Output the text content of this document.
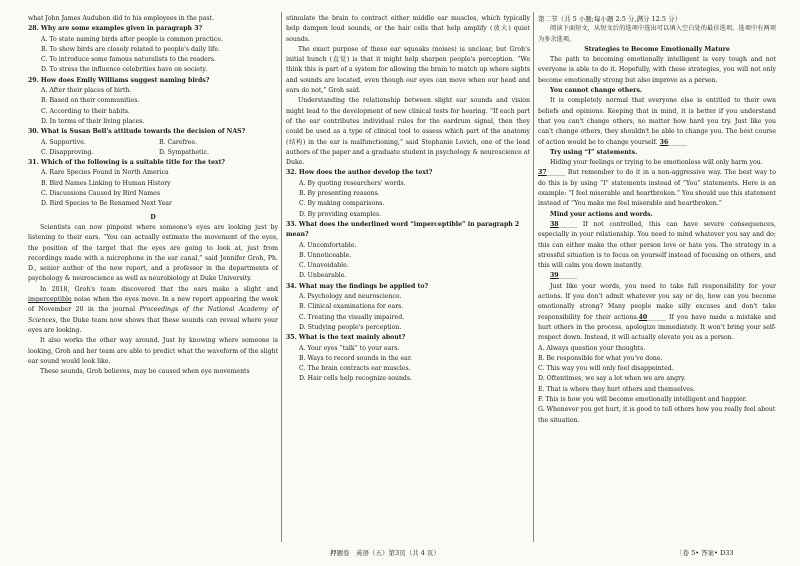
what John James Audubon did to his employees in the past.

28. Why are some examples given in paragraph 3?

A. To state naming birds after people is common practice.

B. To show birds are closely related to people's daily life.

C. To introduce some famous naturalists to the readers.

D. To stress the influence celebrities have on society.

29. How does Emily Williams suggest naming birds?

A. After their places of birth.

B. Based on their communities.

C. According to their habits.

D. In terms of their living places.

30. What is Susan Bell's attitude towards the decision of NAS?

A. Supportive.	B. Carefree.
C. Disapproving.	D. Sympathetic.

31. Which of the following is a suitable title for the text?

A. Rare Species Found in North America

B. Bird Names Linking to Human History

C. Discussions Caused by Bird Names

D. Bird Species to Be Renamed Next Year

D

Scientists can now pinpoint where someone's eyes are looking just by listening to their ears. “You can actually estimate the movement of the eyes, the position of the target that the eyes are going to look at, just from recordings made with a microphone in the ear canal,” said Jennifer Groh, Ph. D., senior author of the new report, and a professor in the departments of psychology & neuroscience as well as neurobiology at Duke University.

In 2018, Groh's team discovered that the ears make a slight and imperceptible noise when the eyes move. In a new report appearing the week of November 20 in the journal Proceedings of the National Academy of Sciences, the Duke team now shows that these sounds can reveal where your eyes are looking.

It also works the other way around. Just by knowing where someone is looking, Groh and her team are able to predict what the waveform of the slight ear sound would look like.

These sounds, Groh believes, may be caused when eye movements

stimulate the brain to contract either middle ear muscles, which typically help dampen loud sounds, or the hair cells that help amplify (放大) quiet sounds.

The exact purpose of these ear squeaks (noises) is unclear, but Groh's initial hunch (直觉) is that it might help sharpen people's perception. “We think this is part of a system for allowing the brain to match up where sights and sounds are located, even though our eyes can move when our head and ears do not,” Groh said.

Understanding the relationship between slight ear sounds and vision might lead to the development of new clinical tests for hearing. “If each part of the ear contributes individual rules for the eardrum signal, then they could be used as a type of clinical tool to assess which part of the anatomy (结构) in the ear is malfunctioning,” said Stephanie Lovich, one of the lead authors of the paper and a graduate student in psychology & neuroscience at Duke.

32. How does the author develop the text?

A. By quoting researchers' words.

B. By presenting reasons.

C. By making comparisons.

D. By providing examples.

33. What does the underlined word “imperceptible” in paragraph 2 mean?

A. Uncomfortable.

B. Unnoticeable.

C. Unavoidable.

D. Unbearable.

34. What may the findings be applied to?

A. Psychology and neuroscience.

B. Clinical examinations for ears.

C. Treating the visually impaired.

D. Studying people's perception.

35. What is the text mainly about?

A. Your eyes “talk” to your ears.

B. Ways to record sounds in the ear.

C. The brain contracts ear muscles.

D. Hair cells help recognize sounds.

第二节（共 5 小题;每小题 2.5 分,满分 12.5 分）

阅读下面短文，从短文后的选项中选出可以填入空白处的最佳选项。选项中有两项为多余选项。

Strategies to Become Emotionally Mature

The path to becoming emotionally intelligent is very tough and not everyone is able to do it. Hopefully, with these strategies, you will not only become emotionally strong but also improve as a person.

You cannot change others.

It is completely normal that everyone else is entitled to their own beliefs and opinions. Keeping that in mind, it is better if you understand that you can't change others, no matter how hard you try. Just like you can't change others, they shouldn't be able to change you. The best course of action would be to change yourself. 36______

Try using “I” statements.

Hiding your feelings or trying to be emotionless will only harm you.

37______ But remember to do it in a non-aggressive way. The best way to do this is by using “I” statements instead of “You” statements. Here is an example: “I feel miserable and heartbroken.” You should use this statement instead of “You make me feel miserable and heartbroken.”

Mind your actions and words.

38______ If not controlled, this can have severe consequences, especially in your relationship. You need to mind whatever you say and do; this can either make the other person love or hate you. The strategy in a stressful situation is to focus on yourself instead of focusing on others, and this will calm you down instantly.

39______

Just like your words, you need to take full responsibility for your actions. If you don't admit whatever you say or do, how can you become emotionally strong? Many people make silly excuses and don't take responsibility for their actions.40______ If you have made a mistake and hurt others in the process, apologize immediately. It won't bring your self-respect down. Instead, it will actually elevate you as a person.

A. Always question your thoughts.

B. Be responsible for what you've done.

C. This way you will only feel disappointed.

D. Oftentimes, we say a lot when we are angry.

E. That is where they hurt others and themselves.

F. This is how you will become emotionally intelligent and happier.

G. Whenever you get hurt, it is good to tell others how you really feel about the situation.

押题卷　英语（五）第3页（共 4 页）	〔卷 5• 答案• D33
